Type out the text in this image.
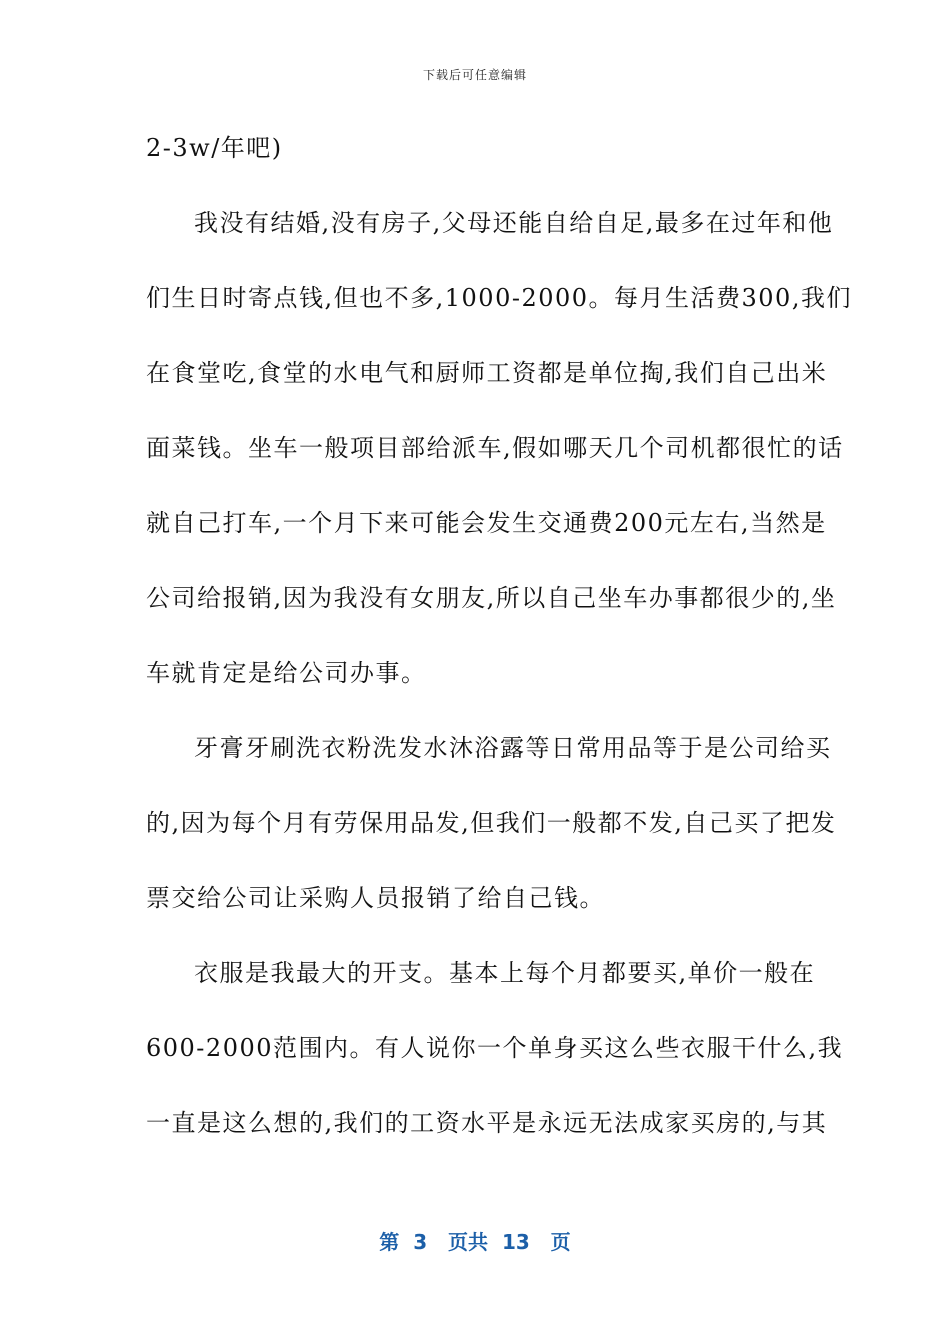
下载后可任意编辑
2-3w/年吧)
我没有结婚,没有房子,父母还能自给自足,最多在过年和他
们生日时寄点钱,但也不多,1000-2000。每月生活费300,我们
在食堂吃,食堂的水电气和厨师工资都是单位掏,我们自己出米
面菜钱。坐车一般项目部给派车,假如哪天几个司机都很忙的话
就自己打车,一个月下来可能会发生交通费200元左右,当然是
公司给报销,因为我没有女朋友,所以自己坐车办事都很少的,坐
车就肯定是给公司办事。
牙膏牙刷洗衣粉洗发水沐浴露等日常用品等于是公司给买
的,因为每个月有劳保用品发,但我们一般都不发,自己买了把发
票交给公司让采购人员报销了给自己钱。
衣服是我最大的开支。基本上每个月都要买,单价一般在
600-2000范围内。有人说你一个单身买这么些衣服干什么,我
一直是这么想的,我们的工资水平是永远无法成家买房的,与其
第  3   页共  13   页
